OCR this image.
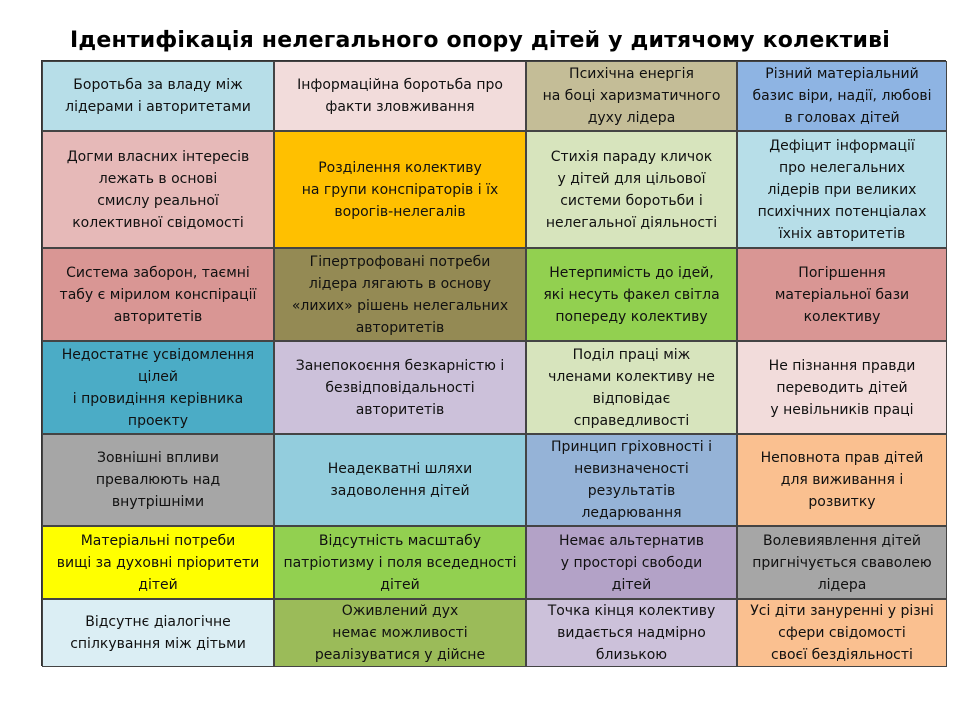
Ідентифікація нелегального опору дітей у дитячому колективі
Боротьба за владу між
лідерами і авторитетами
Інформаційна боротьба про
факти зловживання
Психічна енергія
на боці харизматичного
духу лідера
Різний матеріальний
базис віри, надії, любові
в головах дітей
Догми власних інтересів
лежать в основі
смислу реальної
колективної свідомості
Розділення колективу
на групи конспіраторів і їх
ворогів-нелегалів
Стихія параду кличок
у дітей для цільової
системи боротьби і
нелегальної діяльності
Дефіцит інформації
про нелегальних
лідерів при великих
психічних потенціалах
їхніх авторитетів
Система заборон, таємні
табу є мірилом конспірації
авторитетів
Гіпертрофовані потреби
лідера лягають в основу
«лихих» рішень нелегальних
авторитетів
Нетерпимість до ідей,
які несуть факел світла
попереду колективу
Погіршення
матеріальної бази
колективу
Недостатнє усвідомлення
цілей
і провидіння керівника
проекту
Занепокоєння безкарністю і
безвідповідальності
авторитетів
Поділ праці між
членами колективу не
відповідає
справедливості
Не пізнання правди
переводить дітей
у невільників праці
Зовнішні впливи
превалюють над
внутрішніми
Неадекватні шляхи
задоволення дітей
Принцип гріховності і
невизначеності
результатів
ледарювання
Неповнота прав дітей
для виживання і
розвитку
Матеріальні потреби
вищі за духовні пріоритети
дітей
Відсутність масштабу
патріотизму і поля вседедності
дітей
Немає альтернатив
у просторі свободи
дітей
Волевиявлення дітей
пригнічується сваволею
лідера
Відсутнє діалогічне
спілкування між дітьми
Оживлений дух
немає можливості
реалізуватися у дійсне
Точка кінця колективу
видається надмірно
близькою
Усі діти зануренні у різні
сфери свідомості
своєї бездіяльності
